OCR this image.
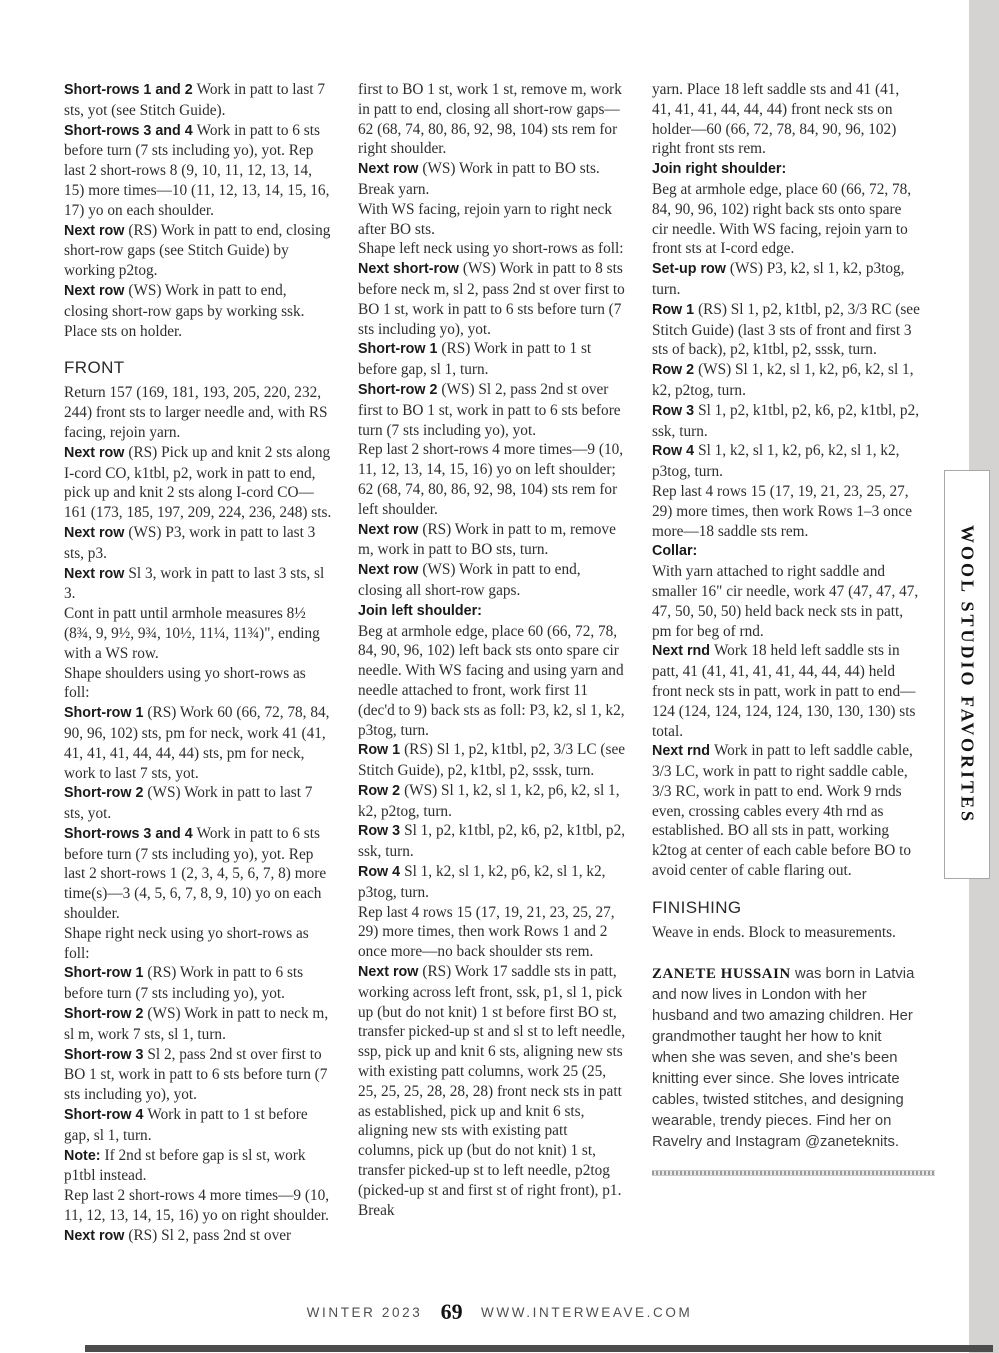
WOOL STUDIO FAVORITES

Short-rows 1 and 2 Work in patt to last 7 sts, yot (see Stitch Guide).

Short-rows 3 and 4 Work in patt to 6 sts before turn (7 sts including yo), yot. Rep last 2 short-rows 8 (9, 10, 11, 12, 13, 14, 15) more times—10 (11, 12, 13, 14, 15, 16, 17) yo on each shoulder.

Next row (RS) Work in patt to end, closing short-row gaps (see Stitch Guide) by working p2tog.

Next row (WS) Work in patt to end, closing short-row gaps by working ssk. Place sts on holder.

FRONT

Return 157 (169, 181, 193, 205, 220, 232, 244) front sts to larger needle and, with RS facing, rejoin yarn.

Next row (RS) Pick up and knit 2 sts along I-cord CO, k1tbl, p2, work in patt to end, pick up and knit 2 sts along I-cord CO—161 (173, 185, 197, 209, 224, 236, 248) sts.

Next row (WS) P3, work in patt to last 3 sts, p3.

Next row Sl 3, work in patt to last 3 sts, sl 3.

Cont in patt until armhole measures 8½ (8¾, 9, 9½, 9¾, 10½, 11¼, 11¾)", ending with a WS row.

Shape shoulders using yo short-rows as foll:

Short-row 1 (RS) Work 60 (66, 72, 78, 84, 90, 96, 102) sts, pm for neck, work 41 (41, 41, 41, 41, 44, 44, 44) sts, pm for neck, work to last 7 sts, yot.

Short-row 2 (WS) Work in patt to last 7 sts, yot.

Short-rows 3 and 4 Work in patt to 6 sts before turn (7 sts including yo), yot. Rep last 2 short-rows 1 (2, 3, 4, 5, 6, 7, 8) more time(s)—3 (4, 5, 6, 7, 8, 9, 10) yo on each shoulder.

Shape right neck using yo short-rows as foll:

Short-row 1 (RS) Work in patt to 6 sts before turn (7 sts including yo), yot.

Short-row 2 (WS) Work in patt to neck m, sl m, work 7 sts, sl 1, turn.

Short-row 3 Sl 2, pass 2nd st over first to BO 1 st, work in patt to 6 sts before turn (7 sts including yo), yot.

Short-row 4 Work in patt to 1 st before gap, sl 1, turn.

Note: If 2nd st before gap is sl st, work p1tbl instead.

Rep last 2 short-rows 4 more times—9 (10, 11, 12, 13, 14, 15, 16) yo on right shoulder.

Next row (RS) Sl 2, pass 2nd st over

first to BO 1 st, work 1 st, remove m, work in patt to end, closing all short-row gaps—62 (68, 74, 80, 86, 92, 98, 104) sts rem for right shoulder.

Next row (WS) Work in patt to BO sts. Break yarn.

With WS facing, rejoin yarn to right neck after BO sts.

Shape left neck using yo short-rows as foll:

Next short-row (WS) Work in patt to 8 sts before neck m, sl 2, pass 2nd st over first to BO 1 st, work in patt to 6 sts before turn (7 sts including yo), yot.

Short-row 1 (RS) Work in patt to 1 st before gap, sl 1, turn.

Short-row 2 (WS) Sl 2, pass 2nd st over first to BO 1 st, work in patt to 6 sts before turn (7 sts including yo), yot.

Rep last 2 short-rows 4 more times—9 (10, 11, 12, 13, 14, 15, 16) yo on left shoulder; 62 (68, 74, 80, 86, 92, 98, 104) sts rem for left shoulder.

Next row (RS) Work in patt to m, remove m, work in patt to BO sts, turn.

Next row (WS) Work in patt to end, closing all short-row gaps.

Join left shoulder:

Beg at armhole edge, place 60 (66, 72, 78, 84, 90, 96, 102) left back sts onto spare cir needle. With WS facing and using yarn and needle attached to front, work first 11 (dec'd to 9) back sts as foll: P3, k2, sl 1, k2, p3tog, turn.

Row 1 (RS) Sl 1, p2, k1tbl, p2, 3/3 LC (see Stitch Guide), p2, k1tbl, p2, sssk, turn.

Row 2 (WS) Sl 1, k2, sl 1, k2, p6, k2, sl 1, k2, p2tog, turn.

Row 3 Sl 1, p2, k1tbl, p2, k6, p2, k1tbl, p2, ssk, turn.

Row 4 Sl 1, k2, sl 1, k2, p6, k2, sl 1, k2, p3tog, turn.

Rep last 4 rows 15 (17, 19, 21, 23, 25, 27, 29) more times, then work Rows 1 and 2 once more—no back shoulder sts rem.

Next row (RS) Work 17 saddle sts in patt, working across left front, ssk, p1, sl 1, pick up (but do not knit) 1 st before first BO st, transfer picked-up st and sl st to left needle, ssp, pick up and knit 6 sts, aligning new sts with existing patt columns, work 25 (25, 25, 25, 25, 28, 28, 28) front neck sts in patt as established, pick up and knit 6 sts, aligning new sts with existing patt columns, pick up (but do not knit) 1 st, transfer picked-up st to left needle, p2tog (picked-up st and first st of right front), p1. Break

yarn. Place 18 left saddle sts and 41 (41, 41, 41, 41, 44, 44, 44) front neck sts on holder—60 (66, 72, 78, 84, 90, 96, 102) right front sts rem.

Join right shoulder:

Beg at armhole edge, place 60 (66, 72, 78, 84, 90, 96, 102) right back sts onto spare cir needle. With WS facing, rejoin yarn to front sts at I-cord edge.

Set-up row (WS) P3, k2, sl 1, k2, p3tog, turn.

Row 1 (RS) Sl 1, p2, k1tbl, p2, 3/3 RC (see Stitch Guide) (last 3 sts of front and first 3 sts of back), p2, k1tbl, p2, sssk, turn.

Row 2 (WS) Sl 1, k2, sl 1, k2, p6, k2, sl 1, k2, p2tog, turn.

Row 3 Sl 1, p2, k1tbl, p2, k6, p2, k1tbl, p2, ssk, turn.

Row 4 Sl 1, k2, sl 1, k2, p6, k2, sl 1, k2, p3tog, turn.

Rep last 4 rows 15 (17, 19, 21, 23, 25, 27, 29) more times, then work Rows 1–3 once more—18 saddle sts rem.

Collar:

With yarn attached to right saddle and smaller 16" cir needle, work 47 (47, 47, 47, 47, 50, 50, 50) held back neck sts in patt, pm for beg of rnd.

Next rnd Work 18 held left saddle sts in patt, 41 (41, 41, 41, 41, 44, 44, 44) held front neck sts in patt, work in patt to end—124 (124, 124, 124, 124, 130, 130, 130) sts total.

Next rnd Work in patt to left saddle cable, 3/3 LC, work in patt to right saddle cable, 3/3 RC, work in patt to end. Work 9 rnds even, crossing cables every 4th rnd as established. BO all sts in patt, working k2tog at center of each cable before BO to avoid center of cable flaring out.

FINISHING

Weave in ends. Block to measurements.

ZANETE HUSSAIN was born in Latvia and now lives in London with her husband and two amazing children. Her grandmother taught her how to knit when she was seven, and she's been knitting ever since. She loves intricate cables, twisted stitches, and designing wearable, trendy pieces. Find her on Ravelry and Instagram @zaneteknits.

WINTER 2023 69 WWW.INTERWEAVE.COM
